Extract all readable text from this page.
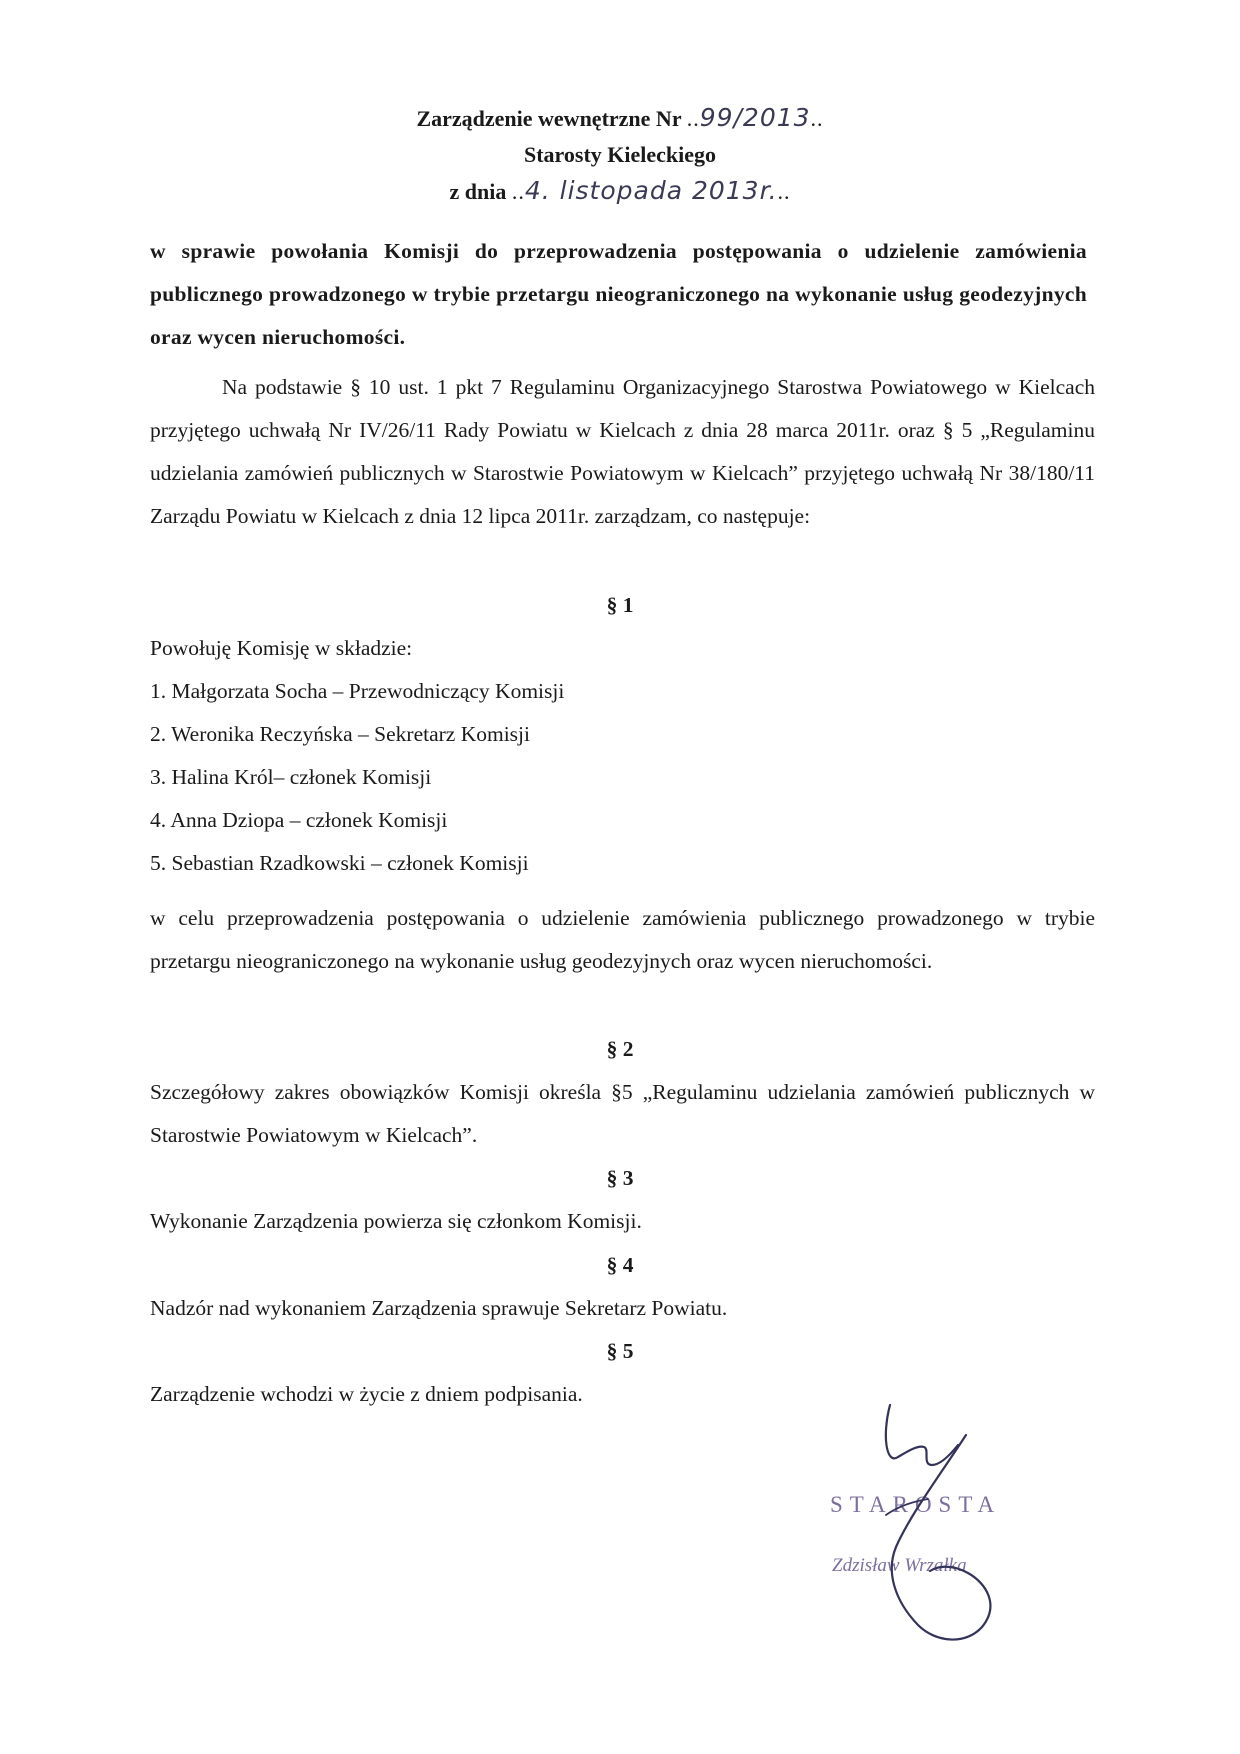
Zarządzenie wewnętrzne Nr ..99/2013..
Starosty Kieleckiego
z dnia ..4. listopada 2013r...

w sprawie powołania Komisji do przeprowadzenia postępowania o udzielenie zamówienia publicznego prowadzonego w trybie przetargu nieograniczonego na wykonanie usług geodezyjnych oraz wycen nieruchomości.

Na podstawie § 10 ust. 1 pkt 7 Regulaminu Organizacyjnego Starostwa Powiatowego w Kielcach przyjętego uchwałą Nr IV/26/11 Rady Powiatu w Kielcach z dnia 28 marca 2011r. oraz § 5 „Regulaminu udzielania zamówień publicznych w Starostwie Powiatowym w Kielcach” przyjętego uchwałą Nr 38/180/11 Zarządu Powiatu w Kielcach z dnia 12 lipca 2011r. zarządzam, co następuje:

§ 1

Powołuję Komisję w składzie:

1. Małgorzata Socha – Przewodniczący Komisji
2. Weronika Reczyńska – Sekretarz Komisji
3. Halina Król– członek Komisji
4. Anna Dziopa – członek Komisji
5. Sebastian Rzadkowski – członek Komisji

w celu przeprowadzenia postępowania o udzielenie zamówienia publicznego prowadzonego w trybie przetargu nieograniczonego na wykonanie usług geodezyjnych oraz wycen nieruchomości.

§ 2

Szczegółowy zakres obowiązków Komisji określa §5 „Regulaminu udzielania zamówień publicznych w Starostwie Powiatowym w Kielcach”.

§ 3

Wykonanie Zarządzenia powierza się członkom Komisji.

§ 4

Nadzór nad wykonaniem Zarządzenia sprawuje Sekretarz Powiatu.

§ 5

Zarządzenie wchodzi w życie z dniem podpisania.

STAROSTA
Zdzisław Wrzałka
